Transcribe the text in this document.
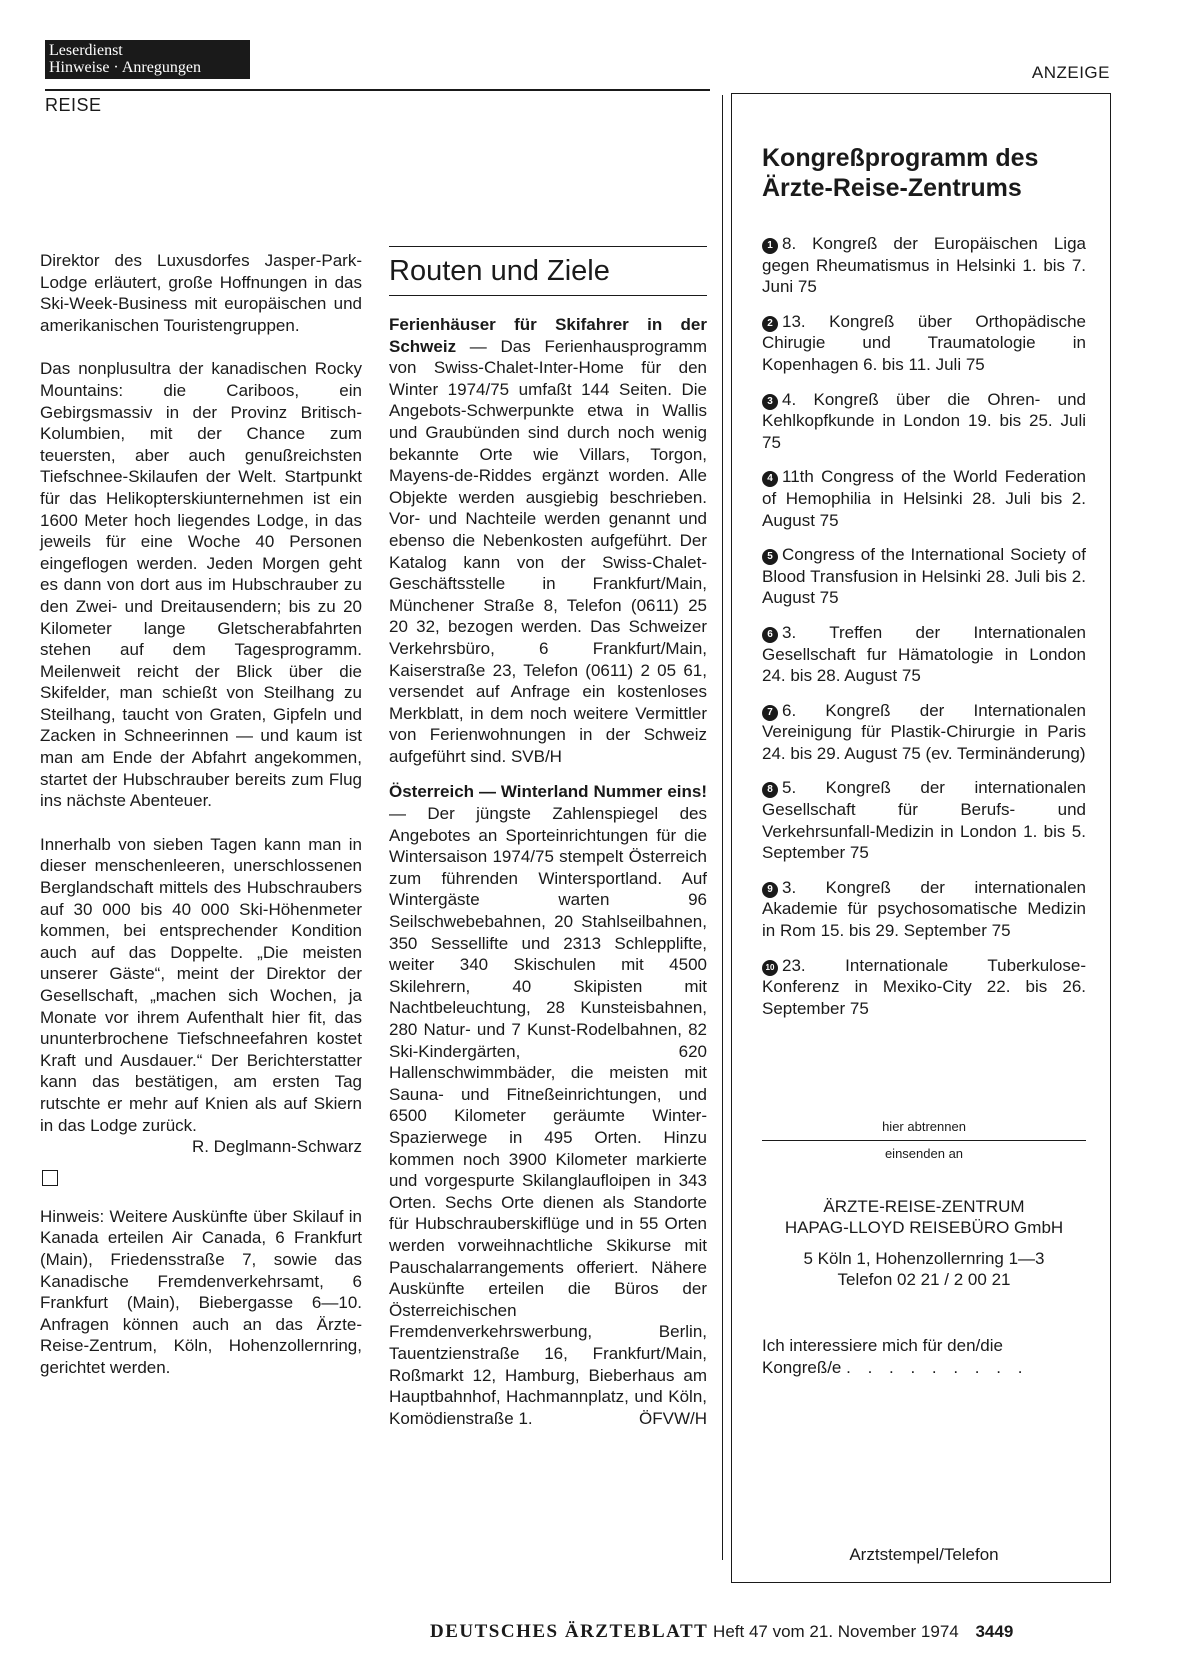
Leserdienst
Hinweise · Anregungen
REISE
ANZEIGE

Direktor des Luxusdorfes Jasper-Park-Lodge erläutert, große Hoffnungen in das Ski-Week-Business mit europäischen und amerikanischen Touristengruppen.

Das nonplusultra der kanadischen Rocky Mountains: die Cariboos, ein Gebirgsmassiv in der Provinz Britisch-Kolumbien, mit der Chance zum teuersten, aber auch genußreichsten Tiefschnee-Skilaufen der Welt. Startpunkt für das Helikopterskiunternehmen ist ein 1600 Meter hoch liegendes Lodge, in das jeweils für eine Woche 40 Personen eingeflogen werden. Jeden Morgen geht es dann von dort aus im Hubschrauber zu den Zwei- und Dreitausendern; bis zu 20 Kilometer lange Gletscherabfahrten stehen auf dem Tagesprogramm. Meilenweit reicht der Blick über die Skifelder, man schießt von Steilhang zu Steilhang, taucht von Graten, Gipfeln und Zacken in Schneerinnen — und kaum ist man am Ende der Abfahrt angekommen, startet der Hubschrauber bereits zum Flug ins nächste Abenteuer.

Innerhalb von sieben Tagen kann man in dieser menschenleeren, unerschlossenen Berglandschaft mittels des Hubschraubers auf 30 000 bis 40 000 Ski-Höhenmeter kommen, bei entsprechender Kondition auch auf das Doppelte. „Die meisten unserer Gäste“, meint der Direktor der Gesellschaft, „machen sich Wochen, ja Monate vor ihrem Aufenthalt hier fit, das ununterbrochene Tiefschneefahren kostet Kraft und Ausdauer.“ Der Berichterstatter kann das bestätigen, am ersten Tag rutschte er mehr auf Knien als auf Skiern in das Lodge zurück.
R. Deglmann-Schwarz

Hinweis: Weitere Auskünfte über Skilauf in Kanada erteilen Air Canada, 6 Frankfurt (Main), Friedensstraße 7, sowie das Kanadische Fremdenverkehrsamt, 6 Frankfurt (Main), Biebergasse 6—10. Anfragen können auch an das Ärzte-Reise-Zentrum, Köln, Hohenzollernring, gerichtet werden.

Routen und Ziele

Ferienhäuser für Skifahrer in der Schweiz — Das Ferienhausprogramm von Swiss-Chalet-Inter-Home für den Winter 1974/75 umfaßt 144 Seiten. Die Angebots-Schwerpunkte etwa in Wallis und Graubünden sind durch noch wenig bekannte Orte wie Villars, Torgon, Mayens-de-Riddes ergänzt worden. Alle Objekte werden ausgiebig beschrieben. Vor- und Nachteile werden genannt und ebenso die Nebenkosten aufgeführt. Der Katalog kann von der Swiss-Chalet-Geschäftsstelle in Frankfurt/Main, Münchener Straße 8, Telefon (0611) 25 20 32, bezogen werden. Das Schweizer Verkehrsbüro, 6 Frankfurt/Main, Kaiserstraße 23, Telefon (0611) 2 05 61, versendet auf Anfrage ein kostenloses Merkblatt, in dem noch weitere Vermittler von Ferienwohnungen in der Schweiz aufgeführt sind. SVB/H

Österreich — Winterland Nummer eins! — Der jüngste Zahlenspiegel des Angebotes an Sporteinrichtungen für die Wintersaison 1974/75 stempelt Österreich zum führenden Wintersportland. Auf Wintergäste warten 96 Seilschwebebahnen, 20 Stahlseilbahnen, 350 Sessellifte und 2313 Schlepplifte, weiter 340 Skischulen mit 4500 Skilehrern, 40 Skipisten mit Nachtbeleuchtung, 28 Kunsteisbahnen, 280 Natur- und 7 Kunst-Rodelbahnen, 82 Ski-Kindergärten, 620 Hallenschwimmbäder, die meisten mit Sauna- und Fitneßeinrichtungen, und 6500 Kilometer geräumte Winter-Spazierwege in 495 Orten. Hinzu kommen noch 3900 Kilometer markierte und vorgespurte Skilanglaufloipen in 343 Orten. Sechs Orte dienen als Standorte für Hubschrauberskiflüge und in 55 Orten werden vorweihnachtliche Skikurse mit Pauschalarrangements offeriert. Nähere Auskünfte erteilen die Büros der Österreichischen Fremdenverkehrswerbung, Berlin, Tauentzienstraße 16, Frankfurt/Main, Roßmarkt 12, Hamburg, Bieberhaus am Hauptbahnhof, Hachmannplatz, und Köln, Komödienstraße 1.	ÖFVW/H

Kongreßprogramm des
Ärzte-Reise-Zentrums
1 8. Kongreß der Europäischen Liga gegen Rheumatismus in Helsinki 1. bis 7. Juni 75
2 13. Kongreß über Orthopädische Chirugie und Traumatologie in Kopenhagen 6. bis 11. Juli 75
3 4. Kongreß über die Ohren- und Kehlkopfkunde in London 19. bis 25. Juli 75
4 11th Congress of the World Federation of Hemophilia in Helsinki 28. Juli bis 2. August 75
5 Congress of the International Society of Blood Transfusion in Helsinki 28. Juli bis 2. August 75
6 3. Treffen der Internationalen Gesellschaft fur Hämatologie in London 24. bis 28. August 75
7 6. Kongreß der Internationalen Vereinigung für Plastik-Chirurgie in Paris 24. bis 29. August 75 (ev. Terminänderung)
8 5. Kongreß der internationalen Gesellschaft für Berufs- und Verkehrsunfall-Medizin in London 1. bis 5. September 75
9 3. Kongreß der internationalen Akademie für psychosomatische Medizin in Rom 15. bis 29. September 75
10 23. Internationale Tuberkulose-Konferenz in Mexiko-City 22. bis 26. September 75
hier abtrennen
einsenden an
ÄRZTE-REISE-ZENTRUM
HAPAG-LLOYD REISEBÜRO GmbH
5 Köln 1, Hohenzollernring 1—3
Telefon 02 21 / 2 00 21
Ich interessiere mich für den/die Kongreß/e . . . . . . . . .
Arztstempel/Telefon
DEUTSCHES ÄRZTEBLATT Heft 47 vom 21. November 1974 3449
